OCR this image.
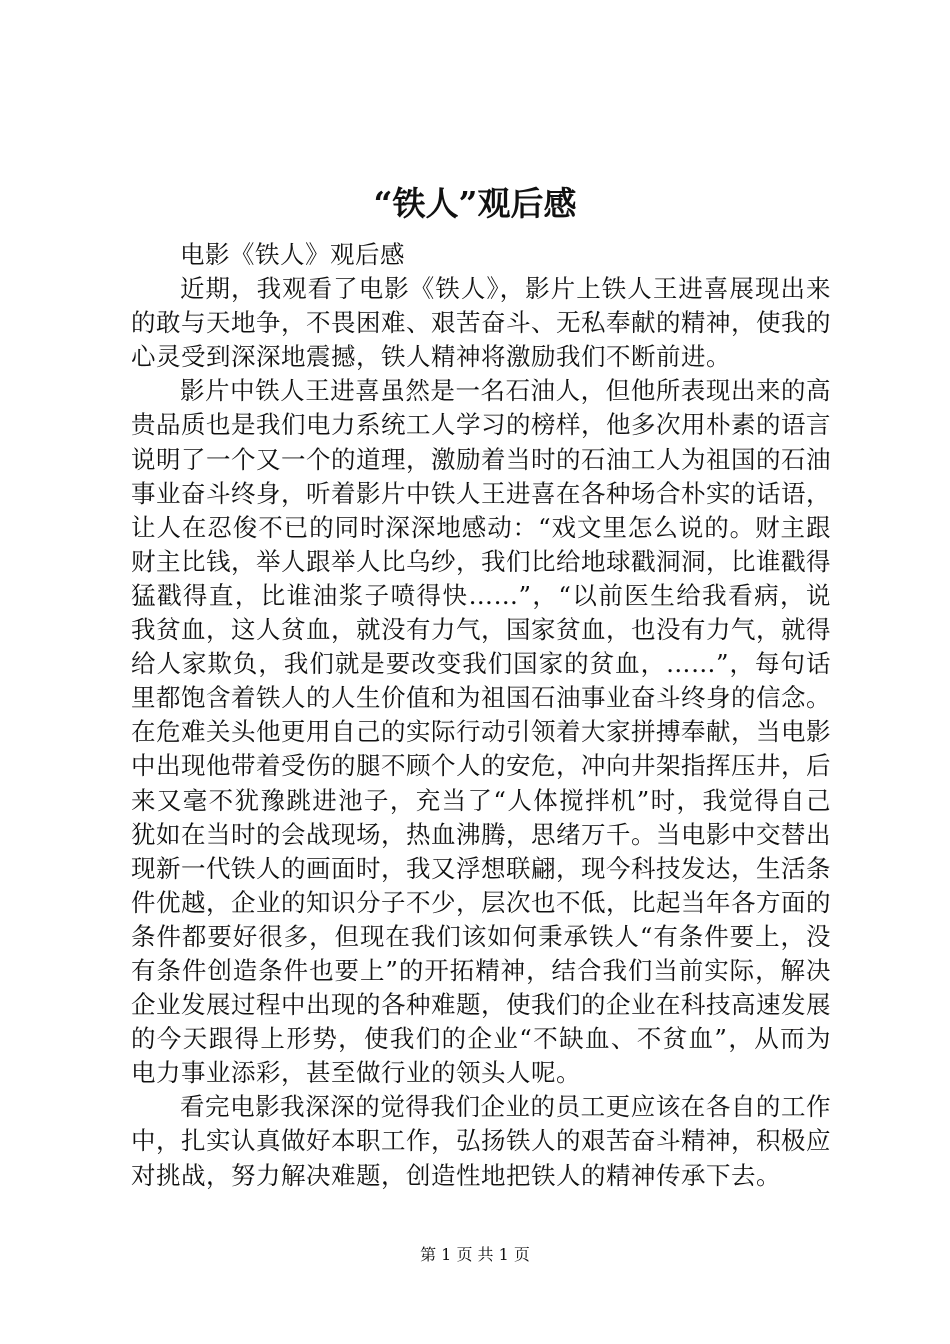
“铁人”观后感

电影《铁人》观后感

近期，我观看了电影《铁人》，影片上铁人王进喜展现出来的敢与天地争，不畏困难、艰苦奋斗、无私奉献的精神，使我的心灵受到深深地震撼，铁人精神将激励我们不断前进。

影片中铁人王进喜虽然是一名石油人，但他所表现出来的高贵品质也是我们电力系统工人学习的榜样，他多次用朴素的语言说明了一个又一个的道理，激励着当时的石油工人为祖国的石油事业奋斗终身，听着影片中铁人王进喜在各种场合朴实的话语，让人在忍俊不已的同时深深地感动：“戏文里怎么说的。财主跟财主比钱，举人跟举人比乌纱，我们比给地球戳洞洞，比谁戳得猛戳得直，比谁油浆子喷得快……”，“以前医生给我看病，说我贫血，这人贫血，就没有力气，国家贫血，也没有力气，就得给人家欺负，我们就是要改变我们国家的贫血，……”，每句话里都饱含着铁人的人生价值和为祖国石油事业奋斗终身的信念。在危难关头他更用自己的实际行动引领着大家拼搏奉献，当电影中出现他带着受伤的腿不顾个人的安危，冲向井架指挥压井，后来又毫不犹豫跳进池子，充当了“人体搅拌机”时，我觉得自己犹如在当时的会战现场，热血沸腾，思绪万千。当电影中交替出现新一代铁人的画面时，我又浮想联翩，现今科技发达，生活条件优越，企业的知识分子不少，层次也不低，比起当年各方面的条件都要好很多，但现在我们该如何秉承铁人“有条件要上，没有条件创造条件也要上”的开拓精神，结合我们当前实际，解决企业发展过程中出现的各种难题，使我们的企业在科技高速发展的今天跟得上形势，使我们的企业“不缺血、不贫血”，从而为电力事业添彩，甚至做行业的领头人呢。

看完电影我深深的觉得我们企业的员工更应该在各自的工作中，扎实认真做好本职工作，弘扬铁人的艰苦奋斗精神，积极应对挑战，努力解决难题，创造性地把铁人的精神传承下去。

第 1 页 共 1 页
